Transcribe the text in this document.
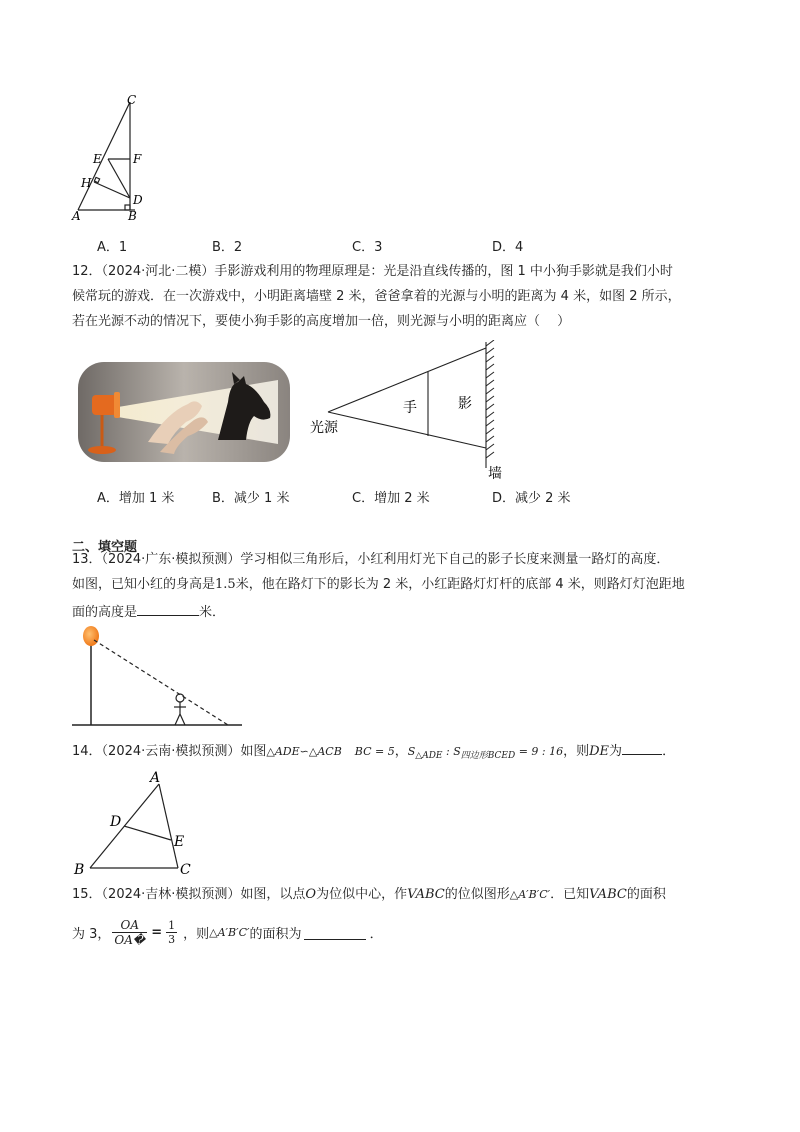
C
E	F
H
D
A	B
A．1	B．2	C．3	D．4
12．（2024·河北·二模）手影游戏利用的物理原理是：光是沿直线传播的，图 1 中小狗手影就是我们小时
候常玩的游戏．在一次游戏中，小明距离墙壁 2 米，爸爸拿着的光源与小明的距离为 4 米，如图 2 所示，
若在光源不动的情况下，要使小狗手影的高度增加一倍，则光源与小明的距离应（　 ）
光源
手	影
墙
A．增加 1 米	B．减少 1 米	C．增加 2 米	D．减少 2 米
二、填空题
13．（2024·广东·模拟预测）学习相似三角形后，小红利用灯光下自己的影子长度来测量一路灯的高度．
如图，已知小红的身高是1.5米，他在路灯下的影长为 2 米，小红距路灯灯杆的底部 4 米，则路灯灯泡距地
面的高度是	米．
14．（2024·云南·模拟预测）如图△ADE∽△ACB　 BC = 5，$S_{\triangle ADE}$ : $S_{四边形BCED} = 9$ : 16，则DE为	．
A
D
E
B	C
15．（2024·吉林·模拟预测）如图，以点O为位似中心，作VABC的位似图形△A′B′C′．已知VABC的面积
为 3， $\frac{OA}{OA�} = \frac{1}{3}$ ，则 △A′B′C′ 的面积为	．
